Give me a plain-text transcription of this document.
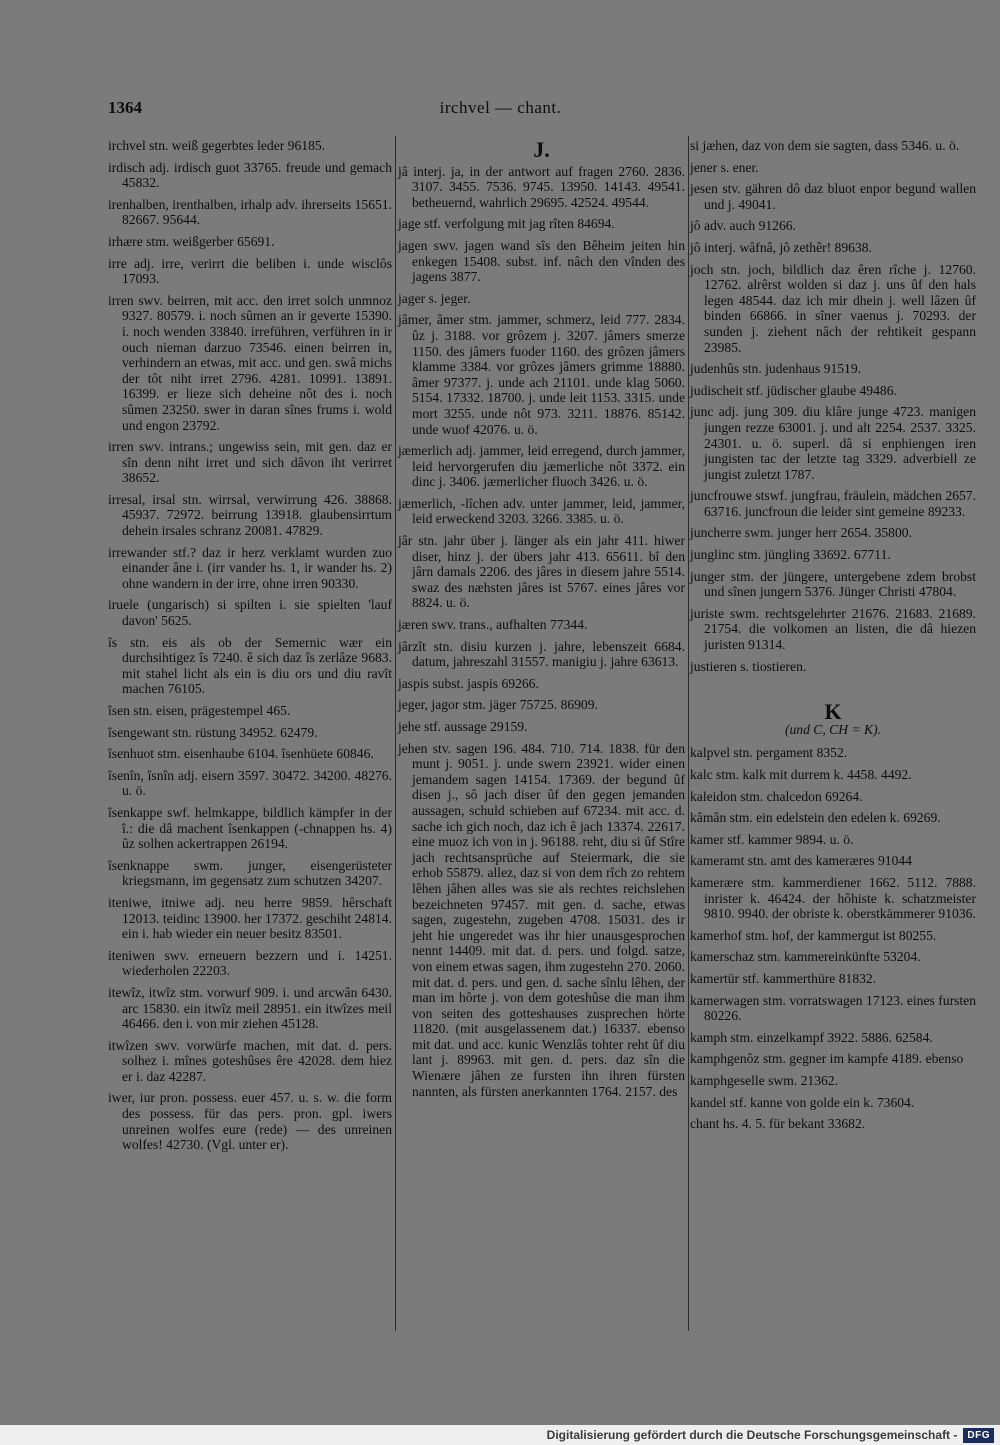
1364	irchvel — chant.

irchvel stn. weiß gegerbtes leder 96185.

irdisch adj. irdisch guot 33765. freude und gemach 45832.

irenhalben, irenthalben, irhalp adv. ihrerseits 15651. 82667. 95644.

irhære stm. weißgerber 65691.

irre adj. irre, verirrt die beliben i. unde wisclôs 17093.

irren swv. beirren, mit acc. den irret solch unmnoz 9327. 80579. i. noch sûmen an ir geverte 15390. i. noch wenden 33840. irreführen, verführen in ir ouch nieman darzuo 73546. einen beirren in, verhindern an etwas, mit acc. und gen. swâ michs der tôt niht irret 2796. 4281. 10991. 13891. 16399. er lieze sich deheine nôt des i. noch sûmen 23250. swer in daran sînes frums i. wold und engon 23792.

irren swv. intrans.; ungewiss sein, mit gen. daz er sîn denn niht irret und sich dâvon iht verirret 38652.

irresal, irsal stn. wirrsal, verwirrung 426. 38868. 45937. 72972. beirrung 13918. glaubensirrtum dehein irsales schranz 20081. 47829.

irrewander stf.? daz ir herz verklamt wurden zuo einander âne i. (irr vander hs. 1, ir wander hs. 2) ohne wandern in der irre, ohne irren 90330.

iruele (ungarisch) si spilten i. sie spielten 'lauf davon' 5625.

îs stn. eis als ob der Semernic wær ein durchsihtigez îs 7240. ê sich daz îs zerlâze 9683. mit stahel licht als ein is diu ors und diu ravît machen 76105.

îsen stn. eisen, prägestempel 465.

îsengewant stn. rüstung 34952. 62479.

îsenhuot stm. eisenhaube 6104. îsenhüete 60846.

îsenîn, îsnîn adj. eisern 3597. 30472. 34200. 48276. u. ö.

îsenkappe swf. helmkappe, bildlich kämpfer in der î.: die dâ machent îsenkappen (-chnappen hs. 4) ûz solhen ackertrappen 26194.

îsenknappe swm. junger, eisengerüsteter kriegsmann, im gegensatz zum schutzen 34207.

iteniwe, itniwe adj. neu herre 9859. hêrschaft 12013. teidinc 13900. her 17372. geschiht 24814. ein i. hab wieder ein neuer besitz 83501.

iteniwen swv. erneuern bezzern und i. 14251. wiederholen 22203.

itewîz, itwîz stm. vorwurf 909. i. und arcwân 6430. arc 15830. ein itwîz meil 28951. ein itwîzes meil 46466. den i. von mir ziehen 45128.

itwîzen swv. vorwürfe machen, mit dat. d. pers. solhez i. mînes goteshûses êre 42028. dem hiez er i. daz 42287.

iwer, iur pron. possess. euer 457. u. s. w. die form des possess. für das pers. pron. gpl. iwers unreinen wolfes eure (rede) — des unreinen wolfes! 42730. (Vgl. unter er).

J.

jâ interj. ja, in der antwort auf fragen 2760. 2836. 3107. 3455. 7536. 9745. 13950. 14143. 49541. betheuernd, wahrlich 29695. 42524. 49544.

jage stf. verfolgung mit jag rîten 84694.

jagen swv. jagen wand sîs den Bêheim jeiten hin enkegen 15408. subst. inf. nâch den vînden des jagens 3877.

jager s. jeger.

jâmer, âmer stm. jammer, schmerz, leid 777. 2834. ûz j. 3188. vor grôzem j. 3207. jâmers smerze 1150. des jâmers fuoder 1160. des grôzen jâmers klamme 3384. vor grôzes jâmers grimme 18880. âmer 97377. j. unde ach 21101. unde klag 5060. 5154. 17332. 18700. j. unde leit 1153. 3315. unde mort 3255. unde nôt 973. 3211. 18876. 85142. unde wuof 42076. u. ö.

jæmerlich adj. jammer, leid erregend, durch jammer, leid hervorgerufen diu jæmerliche nôt 3372. ein dinc j. 3406. jæmerlicher fluoch 3426. u. ö.

jæmerlich, -lîchen adv. unter jammer, leid, jammer, leid erweckend 3203. 3266. 3385. u. ö.

jâr stn. jahr über j. länger als ein jahr 411. hiwer diser, hinz j. der übers jahr 413. 65611. bî den jârn damals 2206. des jâres in diesem jahre 5514. swaz des næhsten jâres ist 5767. eines jâres vor 8824. u. ö.

jæren swv. trans., aufhalten 77344.

jârzît stn. disiu kurzen j. jahre, lebenszeit 6684. datum, jahreszahl 31557. manigiu j. jahre 63613.

jaspis subst. jaspis 69266.

jeger, jagor stm. jäger 75725. 86909.

jehe stf. aussage 29159.

jehen stv. sagen 196. 484. 710. 714. 1838. für den munt j. 9051. j. unde swern 23921. wider einen jemandem sagen 14154. 17369. der begund ûf disen j., sô jach diser ûf den gegen jemanden aussagen, schuld schieben auf 67234. mit acc. d. sache ich gich noch, daz ich ê jach 13374. 22617. eine muoz ich von in j. 96188. reht, diu si ûf Stîre jach rechtsansprüche auf Steiermark, die sie erhob 55879. allez, daz si von dem rîch zo rehtem lêhen jâhen alles was sie als rechtes reichslehen bezeichneten 97457. mit gen. d. sache, etwas sagen, zugestehn, zugeben 4708. 15031. des ir jeht hie ungeredet was ihr hier unausgesprochen nennt 14409. mit dat. d. pers. und folgd. satze, von einem etwas sagen, ihm zugestehn 270. 2060. mit dat. d. pers. und gen. d. sache sînlu lêhen, der man im hôrte j. von dem goteshûse die man ihm von seiten des gotteshauses zusprechen hörte 11820. (mit ausgelassenem dat.) 16337. ebenso mit dat. und acc. kunic Wenzlâs tohter reht ûf diu lant j. 89963. mit gen. d. pers. daz sîn die Wienære jâhen ze fursten ihn ihren fürsten nannten, als fürsten anerkannten 1764. 2157. des

si jæhen, daz von dem sie sagten, dass 5346. u. ö.

jener s. ener.

jesen stv. gähren dô daz bluot enpor begund wallen und j. 49041.

jô adv. auch 91266.

jô interj. wâfnâ, jô zethêr! 89638.

joch stn. joch, bildlich daz êren rîche j. 12760. 12762. alrêrst wolden si daz j. uns ûf den hals legen 48544. daz ich mir dhein j. well lâzen ûf binden 66866. in sîner vaenus j. 70293. der sunden j. ziehent nâch der rehtikeit gespann 23985.

judenhûs stn. judenhaus 91519.

judischeit stf. jüdischer glaube 49486.

junc adj. jung 309. diu klâre junge 4723. manigen jungen rezze 63001. j. und alt 2254. 2537. 3325. 24301. u. ö. superl. dâ si enphiengen iren jungisten tac der letzte tag 3329. adverbiell ze jungist zuletzt 1787.

juncfrouwe stswf. jungfrau, fräulein, mädchen 2657. 63716. juncfroun die leider sint gemeine 89233.

juncherre swm. junger herr 2654. 35800.

junglinc stm. jüngling 33692. 67711.

junger stm. der jüngere, untergebene zdem brobst und sînen jungern 5376. Jünger Christi 47804.

juriste swm. rechtsgelehrter 21676. 21683. 21689. 21754. die volkomen an listen, die dâ hiezen juristen 91314.

justieren s. tiostieren.

K
(und C, CH = K).

kalpvel stn. pergament 8352.

kalc stm. kalk mit durrem k. 4458. 4492.

kaleidon stm. chalcedon 69264.

kâmân stm. ein edelstein den edelen k. 69269.

kamer stf. kammer 9894. u. ö.

kameramt stn. amt des kameræres 91044

kamerære stm. kammerdiener 1662. 5112. 7888. inrister k. 46424. der hôhiste k. schatzmeister 9810. 9940. der obriste k. oberstkämmerer 91036.

kamerhof stm. hof, der kammergut ist 80255.

kamerschaz stm. kammereinkünfte 53204.

kamertür stf. kammerthüre 81832.

kamerwagen stm. vorratswagen 17123. eines fursten 80226.

kamph stm. einzelkampf 3922. 5886. 62584.

kamphgenôz stm. gegner im kampfe 4189. ebenso

kamphgeselle swm. 21362.

kandel stf. kanne von golde ein k. 73604.

chant hs. 4. 5. für bekant 33682.

Digitalisierung gefördert durch die Deutsche Forschungsgemeinschaft -	DFG
